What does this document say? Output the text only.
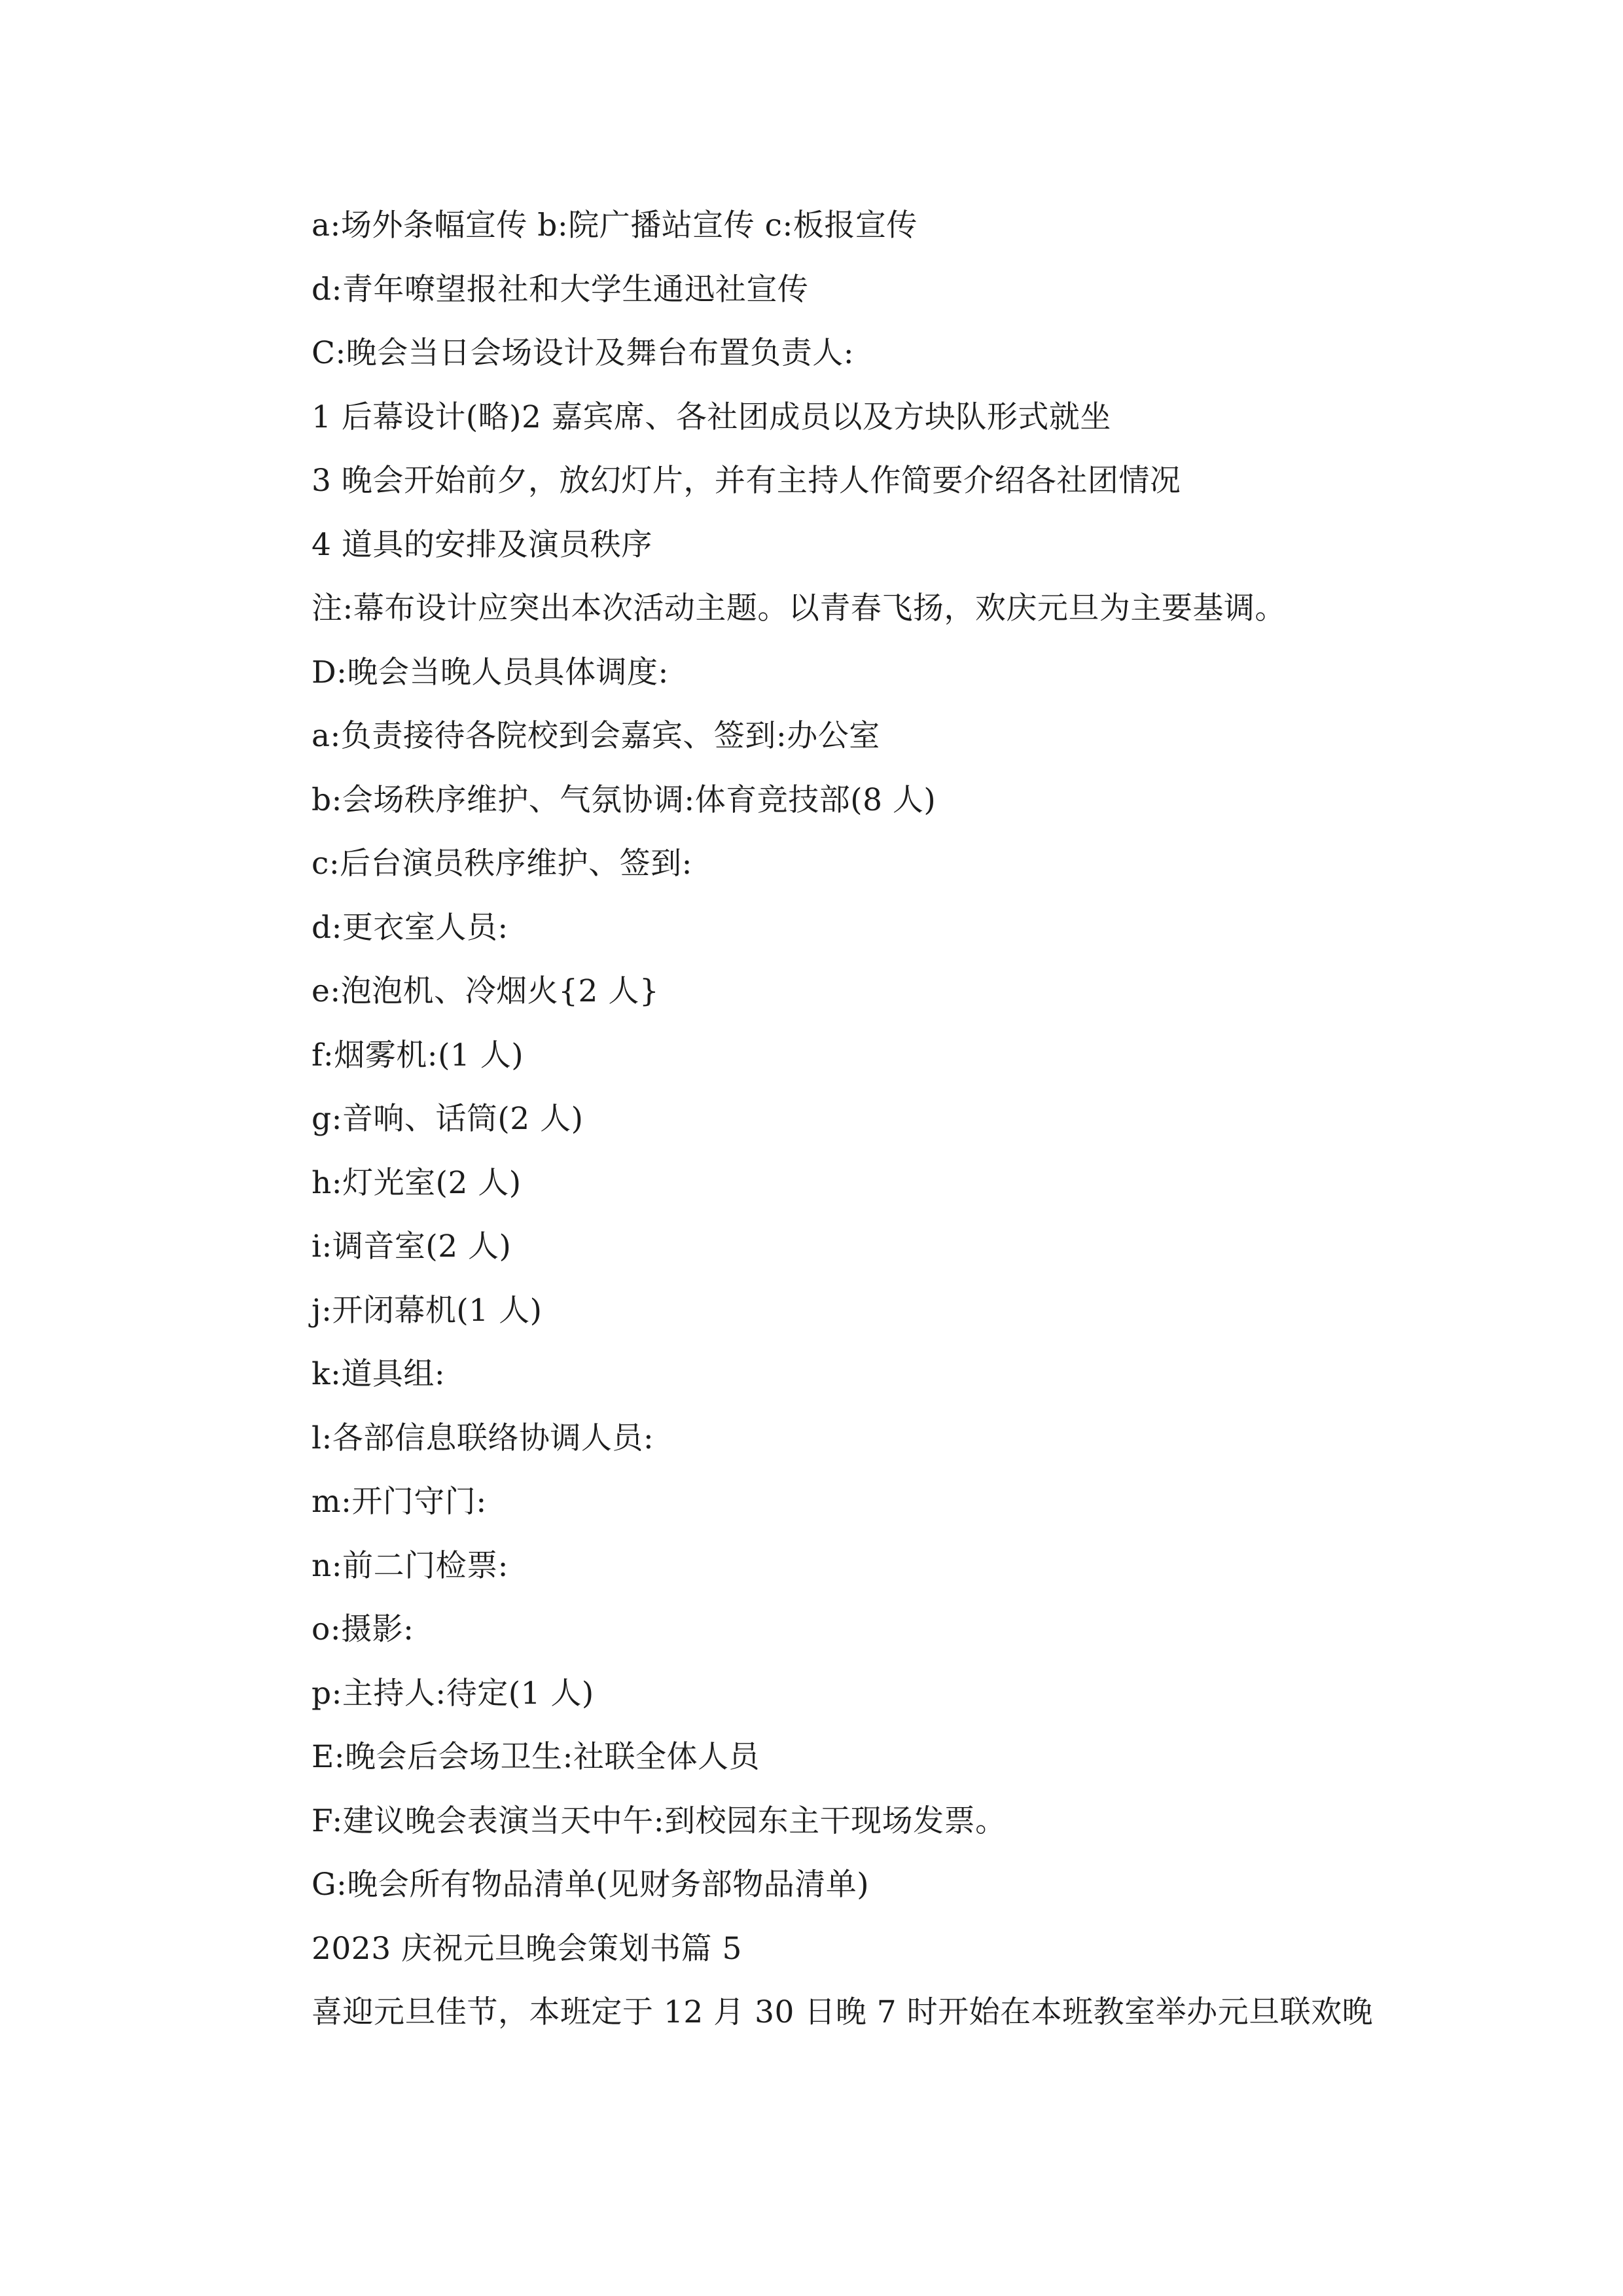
a:场外条幅宣传 b:院广播站宣传 c:板报宣传
d:青年嘹望报社和大学生通迅社宣传
C:晚会当日会场设计及舞台布置负责人:
1 后幕设计(略)2 嘉宾席、各社团成员以及方块队形式就坐
3 晚会开始前夕，放幻灯片，并有主持人作简要介绍各社团情况
4 道具的安排及演员秩序
注:幕布设计应突出本次活动主题。以青春飞扬，欢庆元旦为主要基调。
D:晚会当晚人员具体调度:
a:负责接待各院校到会嘉宾、签到:办公室
b:会场秩序维护、气氛协调:体育竞技部(8 人)
c:后台演员秩序维护、签到:
d:更衣室人员:
e:泡泡机、冷烟火{2 人}
f:烟雾机:(1 人)
g:音响、话筒(2 人)
h:灯光室(2 人)
i:调音室(2 人)
j:开闭幕机(1 人)
k:道具组:
l:各部信息联络协调人员:
m:开门守门:
n:前二门检票:
o:摄影:
p:主持人:待定(1 人)
E:晚会后会场卫生:社联全体人员
F:建议晚会表演当天中午:到校园东主干现场发票。
G:晚会所有物品清单(见财务部物品清单)
2023 庆祝元旦晚会策划书篇 5
喜迎元旦佳节，本班定于 12 月 30 日晚 7 时开始在本班教室举办元旦联欢晚
